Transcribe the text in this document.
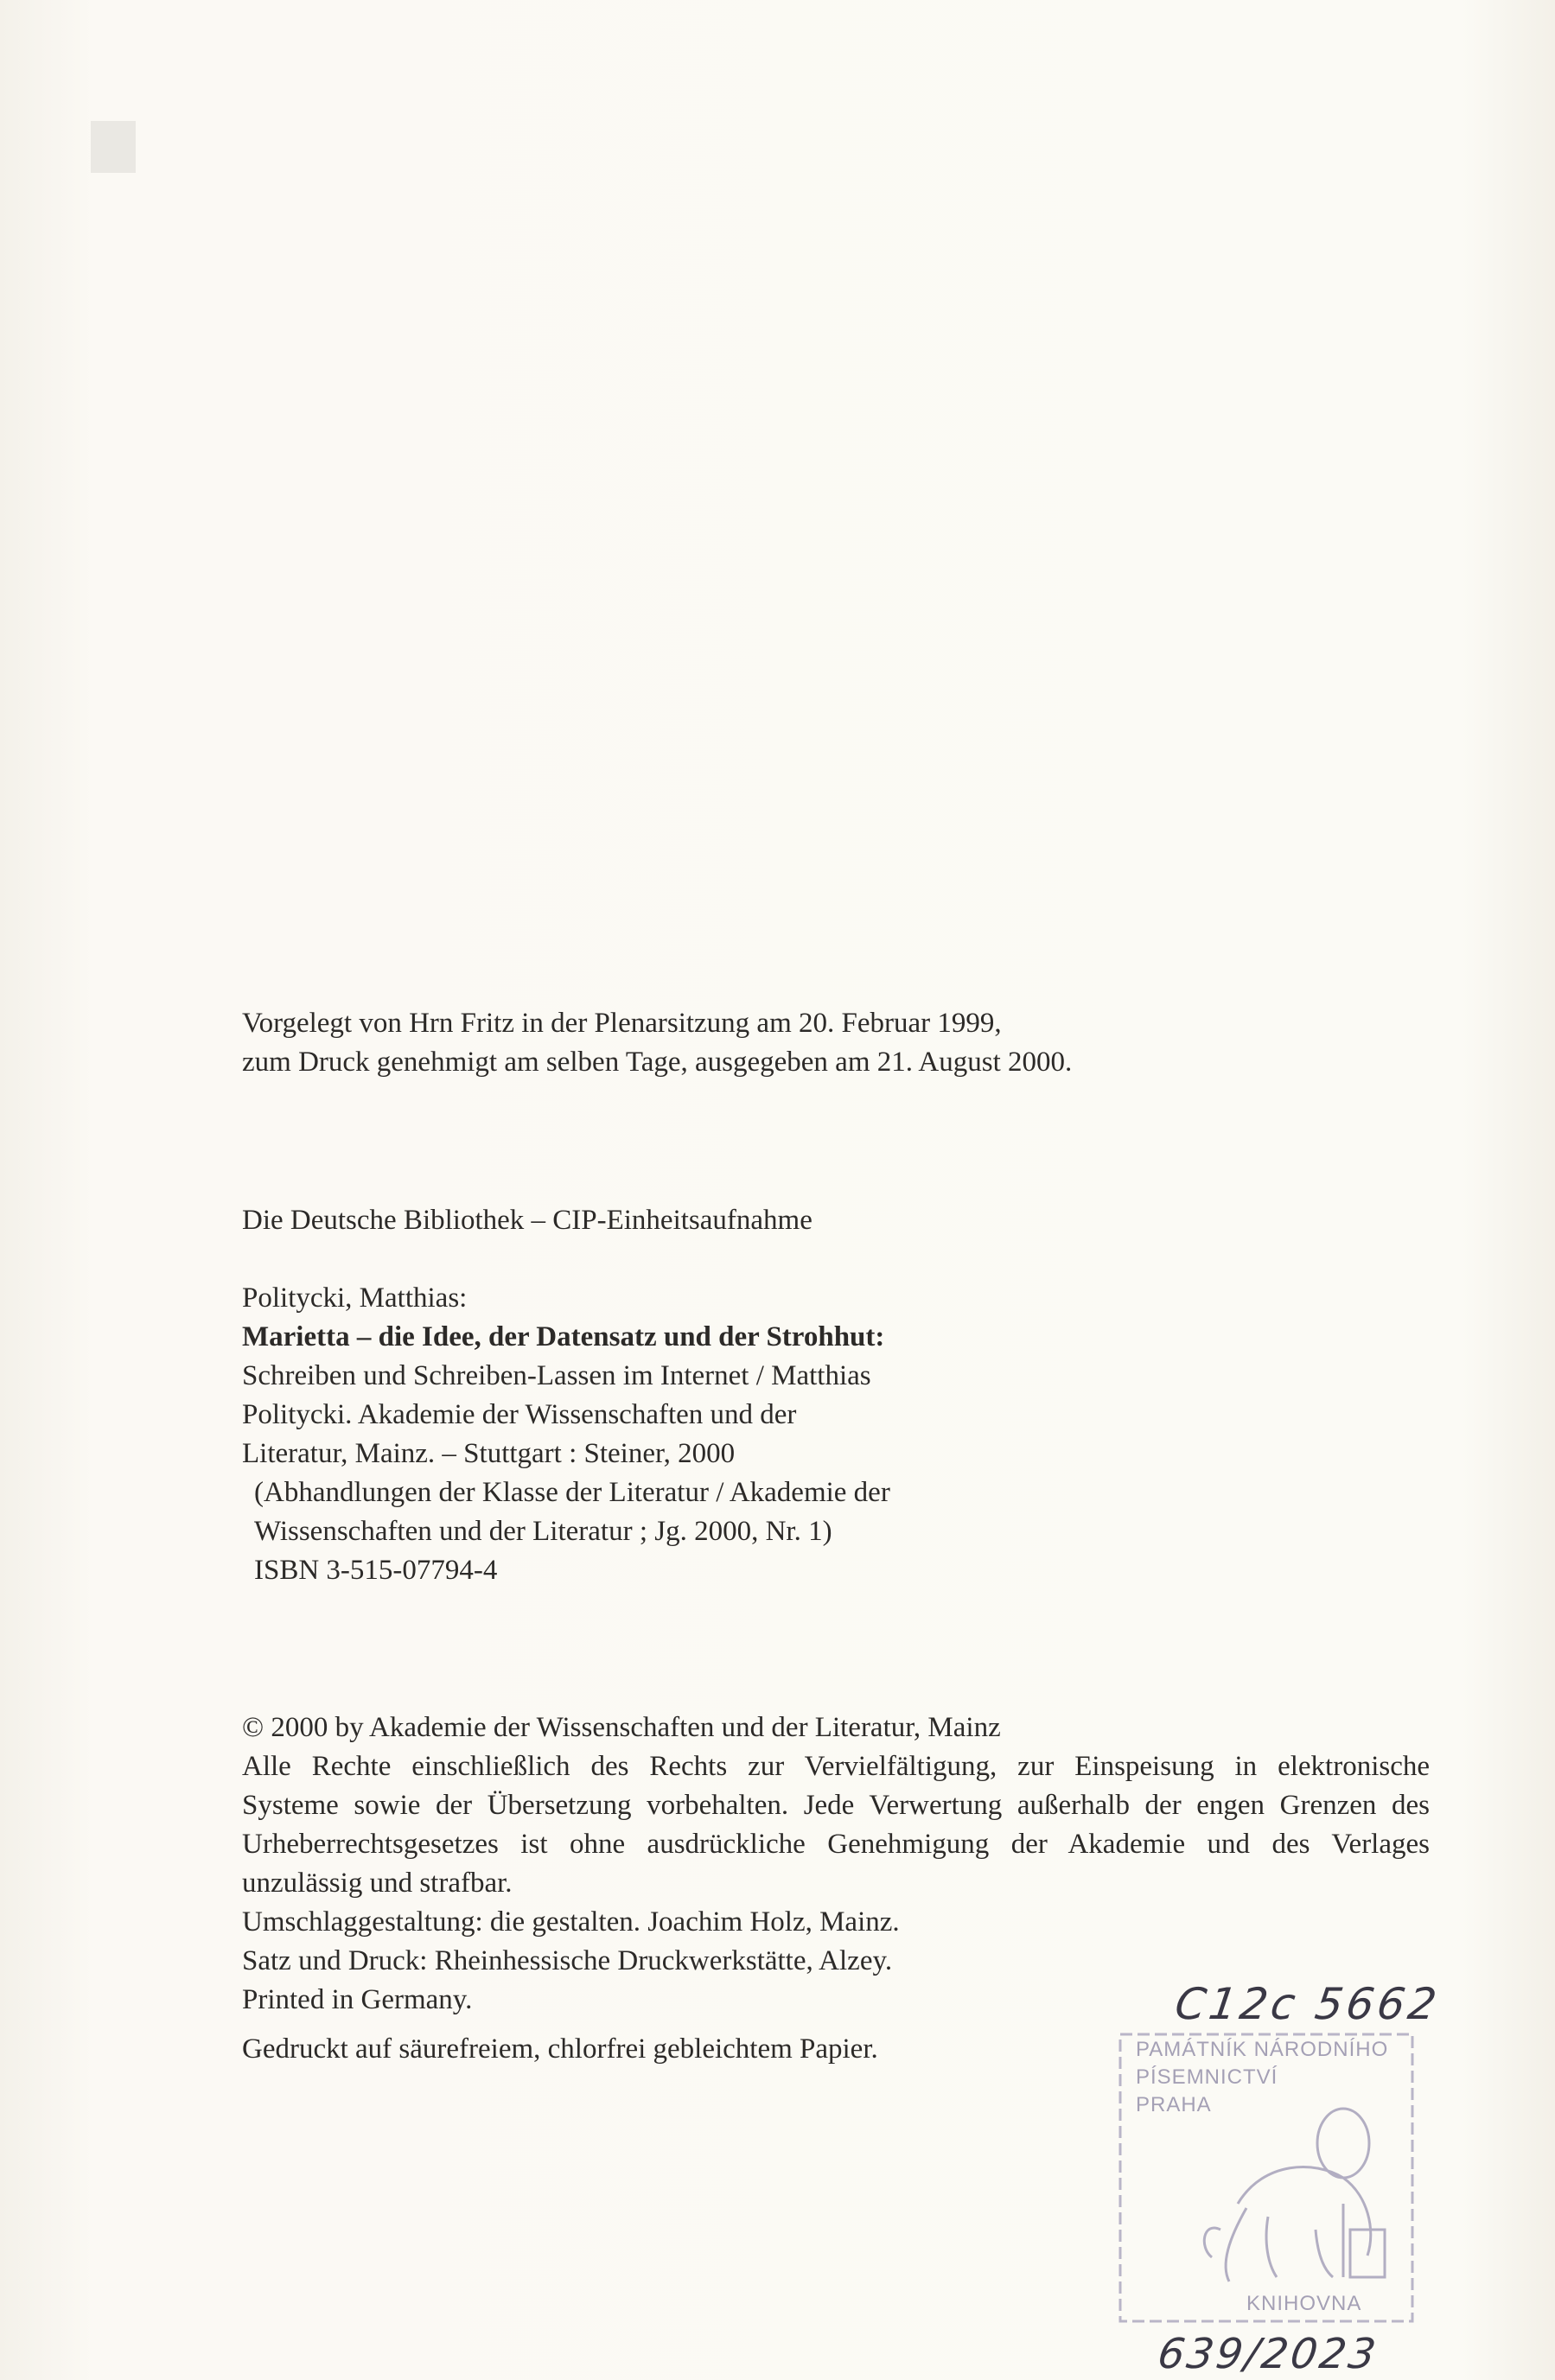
Vorgelegt von Hrn Fritz in der Plenarsitzung am 20. Februar 1999,
zum Druck genehmigt am selben Tage, ausgegeben am 21. August 2000.
Die Deutsche Bibliothek – CIP-Einheitsaufnahme
Politycki, Matthias:
Marietta – die Idee, der Datensatz und der Strohhut:
Schreiben und Schreiben-Lassen im Internet / Matthias
Politycki. Akademie der Wissenschaften und der
Literatur, Mainz. – Stuttgart : Steiner, 2000
(Abhandlungen der Klasse der Literatur / Akademie der
Wissenschaften und der Literatur ; Jg. 2000, Nr. 1)
ISBN 3-515-07794-4
© 2000 by Akademie der Wissenschaften und der Literatur, Mainz
Alle Rechte einschließlich des Rechts zur Vervielfältigung, zur Einspeisung in elektronische
Systeme sowie der Übersetzung vorbehalten. Jede Verwertung außerhalb der engen Grenzen des
Urheberrechtsgesetzes ist ohne ausdrückliche Genehmigung der Akademie und des Verlages
unzulässig und strafbar.
Umschlaggestaltung: die gestalten. Joachim Holz, Mainz.
Satz und Druck: Rheinhessische Druckwerkstätte, Alzey.
Printed in Germany.
Gedruckt auf säurefreiem, chlorfrei gebleichtem Papier.
C12c 5662
PAMÁTNÍK NÁRODNÍHO
PÍSEMNICTVÍ
PRAHA
KNIHOVNA
639/2023
